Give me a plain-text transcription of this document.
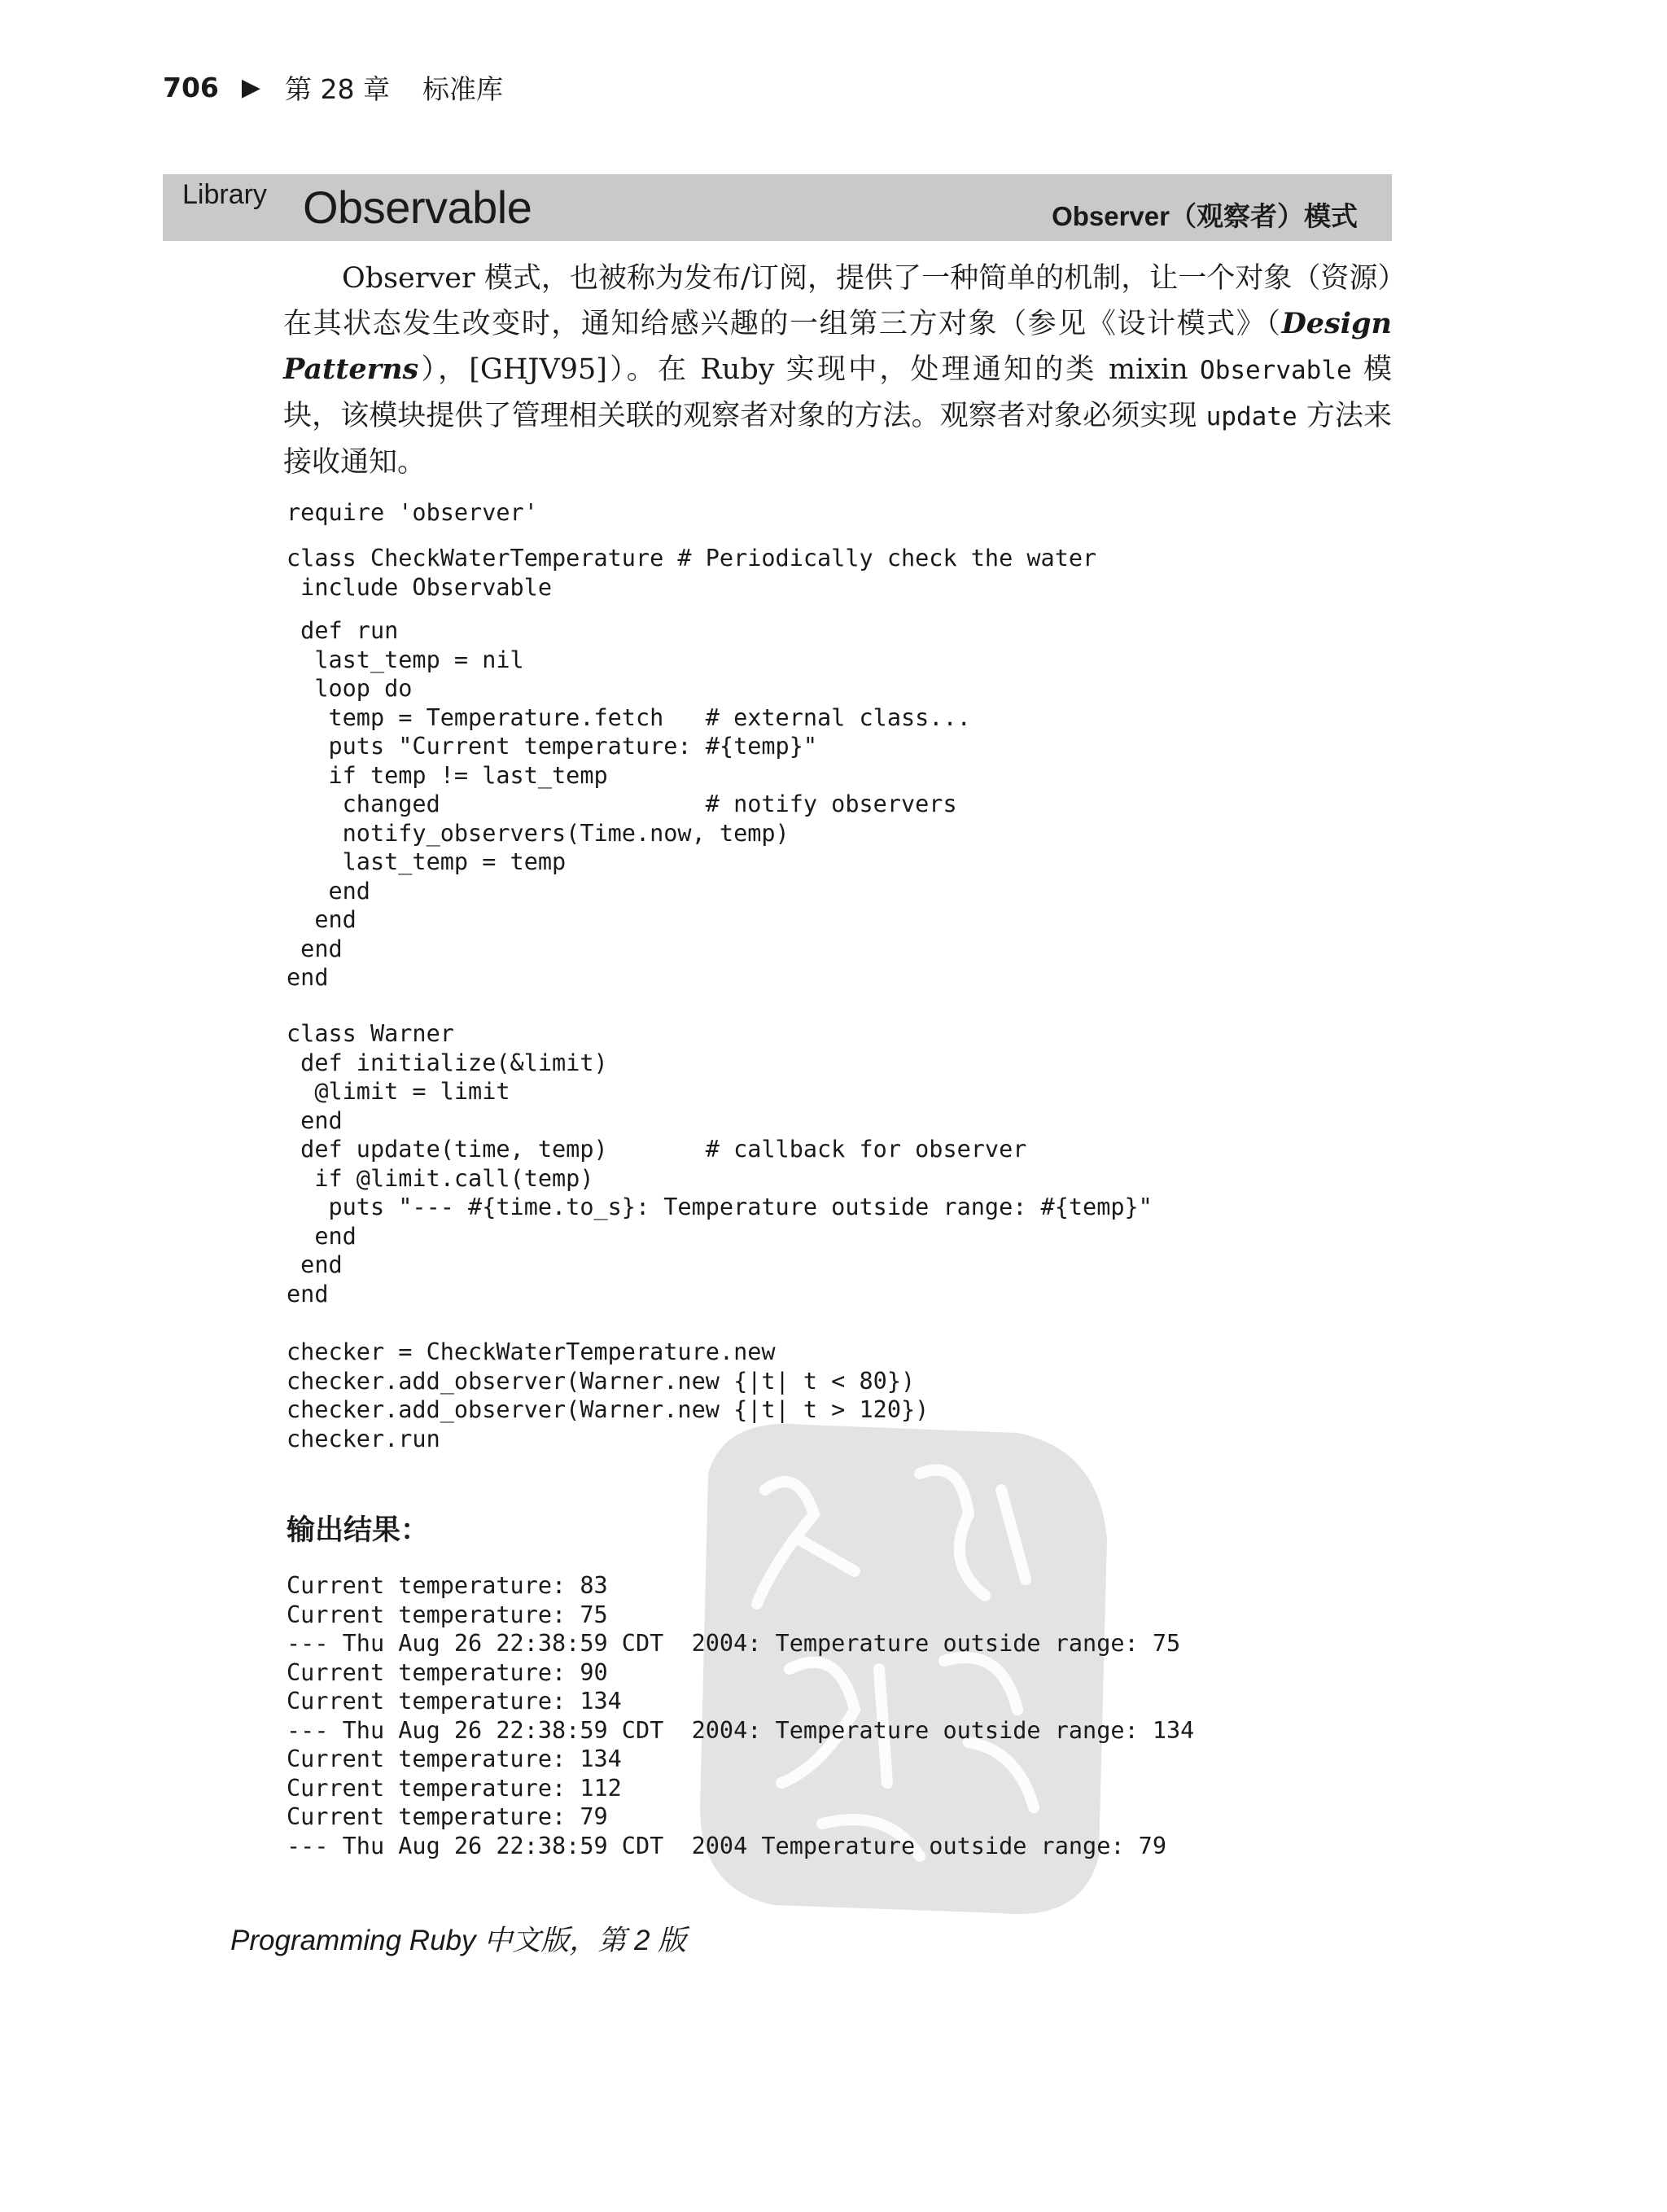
706 ▶ 第 28 章 标准库
Library Observable	Observer（观察者）模式

Observer 模式，也被称为发布/订阅，提供了一种简单的机制，让一个对象（资源）在其状态发生改变时，通知给感兴趣的一组第三方对象（参见《设计模式》（Design Patterns），[GHJV95]）。在 Ruby 实现中，处理通知的类 mixin Observable 模块，该模块提供了管理相关联的观察者对象的方法。观察者对象必须实现 update 方法来接收通知。

require 'observer'
class CheckWaterTemperature # Periodically check the water
include Observable
def run
last_temp = nil
loop do
temp = Temperature.fetch   # external class...
puts "Current temperature: #{temp}"
if temp != last_temp
changed                   # notify observers
notify_observers(Time.now, temp)
last_temp = temp
end
end
end
end
class Warner
def initialize(&limit)
@limit = limit
end
def update(time, temp)       # callback for observer
if @limit.call(temp)
puts "--- #{time.to_s}: Temperature outside range: #{temp}"
end
end
end
checker = CheckWaterTemperature.new
checker.add_observer(Warner.new {|t| t < 80})
checker.add_observer(Warner.new {|t| t > 120})
checker.run
输出结果：
Current temperature: 83
Current temperature: 75
--- Thu Aug 26 22:38:59 CDT  2004: Temperature outside range: 75
Current temperature: 90
Current temperature: 134
--- Thu Aug 26 22:38:59 CDT  2004: Temperature outside range: 134
Current temperature: 134
Current temperature: 112
Current temperature: 79
--- Thu Aug 26 22:38:59 CDT  2004 Temperature outside range: 79
Programming Ruby 中文版，第 2 版
